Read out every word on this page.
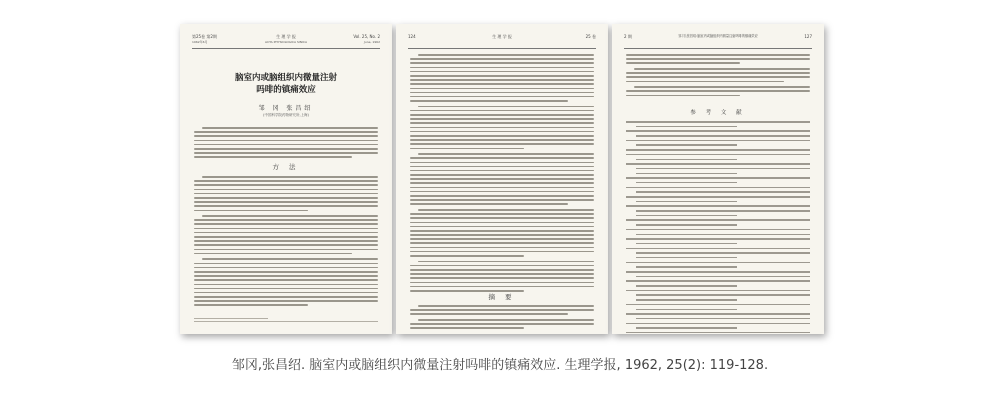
第25卷 第2期	生 理 学 报	Vol. 25, No. 2
1962年6月	ACTA PHYSIOLOGICA SINICA	June, 1962
脑室内或脑组织内微量注射
吗啡的镇痛效应
邹 冈 张昌绍
(中国科学院药物研究所,上海)
方 法
124	生 理 学 报	25 卷
摘 要
2 期	邹 冈,张昌绍:脑室内或脑组织内微量注射吗啡的镇痛效应	127
参 考 文 献
邹冈,张昌绍. 脑室内或脑组织内微量注射吗啡的镇痛效应. 生理学报, 1962, 25(2): 119-128.
